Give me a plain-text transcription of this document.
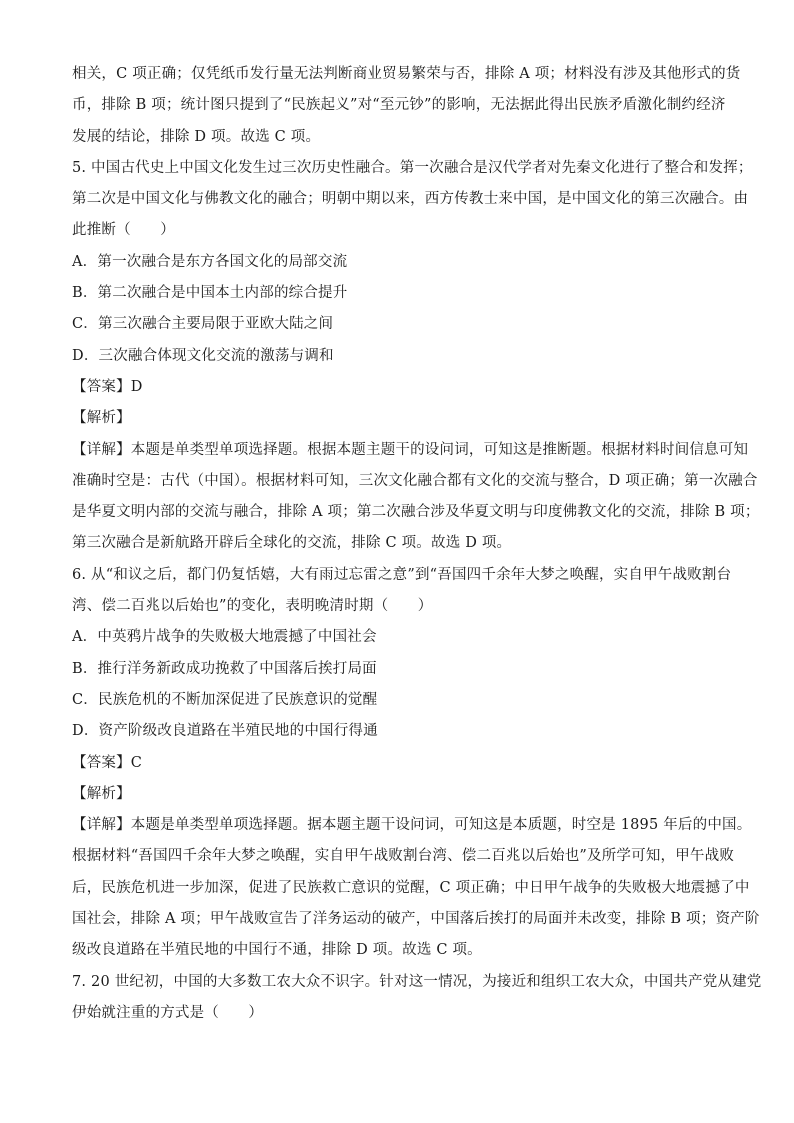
相关，C 项正确；仅凭纸币发行量无法判断商业贸易繁荣与否，排除 A 项；材料没有涉及其他形式的货
币，排除 B 项；统计图只提到了“民族起义”对“至元钞”的影响，无法据此得出民族矛盾激化制约经济
发展的结论，排除 D 项。故选 C 项。
5. 中国古代史上中国文化发生过三次历史性融合。第一次融合是汉代学者对先秦文化进行了整合和发挥；
第二次是中国文化与佛教文化的融合；明朝中期以来，西方传教士来中国，是中国文化的第三次融合。由
此推断（　　）
A．第一次融合是东方各国文化的局部交流
B．第二次融合是中国本土内部的综合提升
C．第三次融合主要局限于亚欧大陆之间
D．三次融合体现文化交流的激荡与调和
【答案】D
【解析】
【详解】本题是单类型单项选择题。根据本题主题干的设问词，可知这是推断题。根据材料时间信息可知
准确时空是：古代（中国）。根据材料可知，三次文化融合都有文化的交流与整合，D 项正确；第一次融合
是华夏文明内部的交流与融合，排除 A 项；第二次融合涉及华夏文明与印度佛教文化的交流，排除 B 项；
第三次融合是新航路开辟后全球化的交流，排除 C 项。故选 D 项。
6. 从“和议之后，都门仍复恬嬉，大有雨过忘雷之意”到“吾国四千余年大梦之唤醒，实自甲午战败割台
湾、偿二百兆以后始也”的变化，表明晚清时期（　　）
A．中英鸦片战争的失败极大地震撼了中国社会
B．推行洋务新政成功挽救了中国落后挨打局面
C．民族危机的不断加深促进了民族意识的觉醒
D．资产阶级改良道路在半殖民地的中国行得通
【答案】C
【解析】
【详解】本题是单类型单项选择题。据本题主题干设问词，可知这是本质题，时空是 1895 年后的中国。
根据材料“吾国四千余年大梦之唤醒，实自甲午战败割台湾、偿二百兆以后始也”及所学可知，甲午战败
后，民族危机进一步加深，促进了民族救亡意识的觉醒，C 项正确；中日甲午战争的失败极大地震撼了中
国社会，排除 A 项；甲午战败宣告了洋务运动的破产，中国落后挨打的局面并未改变，排除 B 项；资产阶
级改良道路在半殖民地的中国行不通，排除 D 项。故选 C 项。
7. 20 世纪初，中国的大多数工农大众不识字。针对这一情况，为接近和组织工农大众，中国共产党从建党
伊始就注重的方式是（　　）
